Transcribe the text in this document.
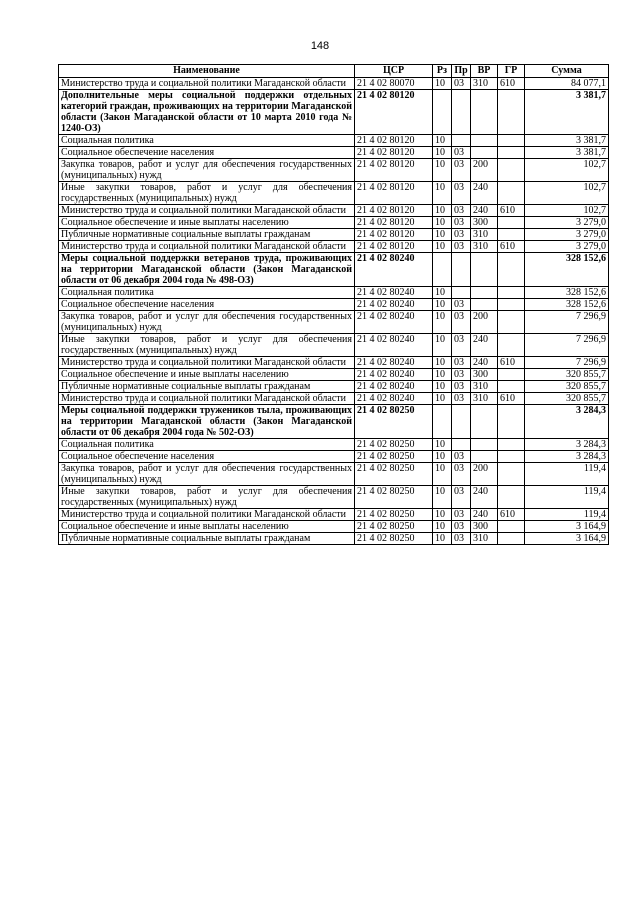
148
Наименование	ЦСР	Рз	Пр	ВР	ГР	Сумма
Министерство труда и социальной политики Магаданской области	21 4 02 80070	10	03	310	610	84 077,1
Дополнительные меры социальной поддержки отдельных категорий граждан, проживающих на территории Магаданской области (Закон Магаданской области от 10 марта 2010 года № 1240-ОЗ)	21 4 02 80120					3 381,7
Социальная политика	21 4 02 80120	10				3 381,7
Социальное обеспечение населения	21 4 02 80120	10	03			3 381,7
Закупка товаров, работ и услуг для обеспечения государственных (муниципальных) нужд	21 4 02 80120	10	03	200		102,7
Иные закупки товаров, работ и услуг для обеспечения государственных (муниципальных) нужд	21 4 02 80120	10	03	240		102,7
Министерство труда и социальной политики Магаданской области	21 4 02 80120	10	03	240	610	102,7
Социальное обеспечение и иные выплаты населению	21 4 02 80120	10	03	300		3 279,0
Публичные нормативные социальные выплаты гражданам	21 4 02 80120	10	03	310		3 279,0
Министерство труда и социальной политики Магаданской области	21 4 02 80120	10	03	310	610	3 279,0
Меры социальной поддержки ветеранов труда, проживающих на территории Магаданской области (Закон Магаданской области от 06 декабря 2004 года № 498-ОЗ)	21 4 02 80240					328 152,6
Социальная политика	21 4 02 80240	10				328 152,6
Социальное обеспечение населения	21 4 02 80240	10	03			328 152,6
Закупка товаров, работ и услуг для обеспечения государственных (муниципальных) нужд	21 4 02 80240	10	03	200		7 296,9
Иные закупки товаров, работ и услуг для обеспечения государственных (муниципальных) нужд	21 4 02 80240	10	03	240		7 296,9
Министерство труда и социальной политики Магаданской области	21 4 02 80240	10	03	240	610	7 296,9
Социальное обеспечение и иные выплаты населению	21 4 02 80240	10	03	300		320 855,7
Публичные нормативные социальные выплаты гражданам	21 4 02 80240	10	03	310		320 855,7
Министерство труда и социальной политики Магаданской области	21 4 02 80240	10	03	310	610	320 855,7
Меры социальной поддержки тружеников тыла, проживающих на территории Магаданской области (Закон Магаданской области от 06 декабря 2004 года № 502-ОЗ)	21 4 02 80250					3 284,3
Социальная политика	21 4 02 80250	10				3 284,3
Социальное обеспечение населения	21 4 02 80250	10	03			3 284,3
Закупка товаров, работ и услуг для обеспечения государственных (муниципальных) нужд	21 4 02 80250	10	03	200		119,4
Иные закупки товаров, работ и услуг для обеспечения государственных (муниципальных) нужд	21 4 02 80250	10	03	240		119,4
Министерство труда и социальной политики Магаданской области	21 4 02 80250	10	03	240	610	119,4
Социальное обеспечение и иные выплаты населению	21 4 02 80250	10	03	300		3 164,9
Публичные нормативные социальные выплаты гражданам	21 4 02 80250	10	03	310		3 164,9
